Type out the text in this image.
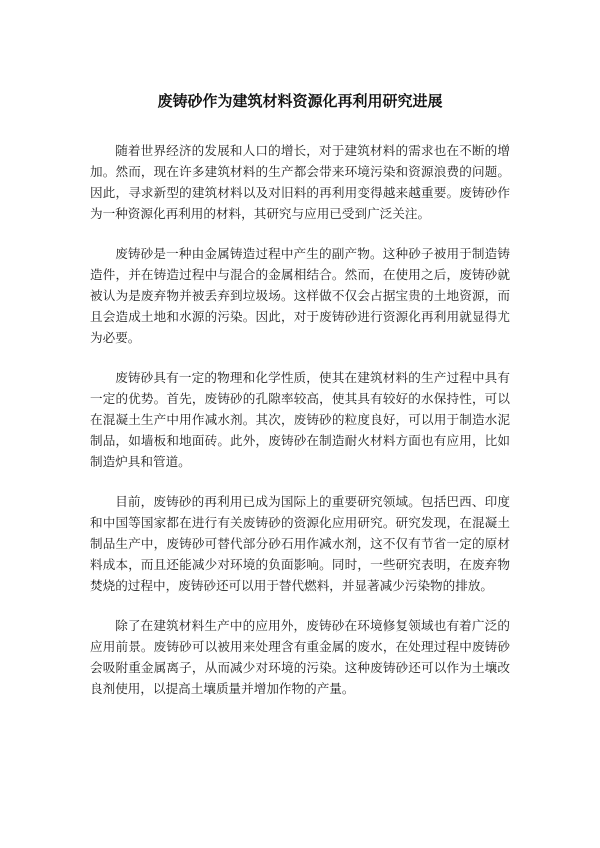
废铸砂作为建筑材料资源化再利用研究进展

随着世界经济的发展和人口的增长，对于建筑材料的需求也在不断的增加。然而，现在许多建筑材料的生产都会带来环境污染和资源浪费的问题。因此，寻求新型的建筑材料以及对旧料的再利用变得越来越重要。废铸砂作为一种资源化再利用的材料，其研究与应用已受到广泛关注。

废铸砂是一种由金属铸造过程中产生的副产物。这种砂子被用于制造铸造件，并在铸造过程中与混合的金属相结合。然而，在使用之后，废铸砂就被认为是废弃物并被丢弃到垃圾场。这样做不仅会占据宝贵的土地资源，而且会造成土地和水源的污染。因此，对于废铸砂进行资源化再利用就显得尤为必要。

废铸砂具有一定的物理和化学性质，使其在建筑材料的生产过程中具有一定的优势。首先，废铸砂的孔隙率较高，使其具有较好的水保持性，可以在混凝土生产中用作减水剂。其次，废铸砂的粒度良好，可以用于制造水泥制品，如墙板和地面砖。此外，废铸砂在制造耐火材料方面也有应用，比如制造炉具和管道。

目前，废铸砂的再利用已成为国际上的重要研究领域。包括巴西、印度和中国等国家都在进行有关废铸砂的资源化应用研究。研究发现，在混凝土制品生产中，废铸砂可替代部分砂石用作减水剂，这不仅有节省一定的原材料成本，而且还能减少对环境的负面影响。同时，一些研究表明，在废弃物焚烧的过程中，废铸砂还可以用于替代燃料，并显著减少污染物的排放。

除了在建筑材料生产中的应用外，废铸砂在环境修复领域也有着广泛的应用前景。废铸砂可以被用来处理含有重金属的废水，在处理过程中废铸砂会吸附重金属离子，从而减少对环境的污染。这种废铸砂还可以作为土壤改良剂使用，以提高土壤质量并增加作物的产量。
